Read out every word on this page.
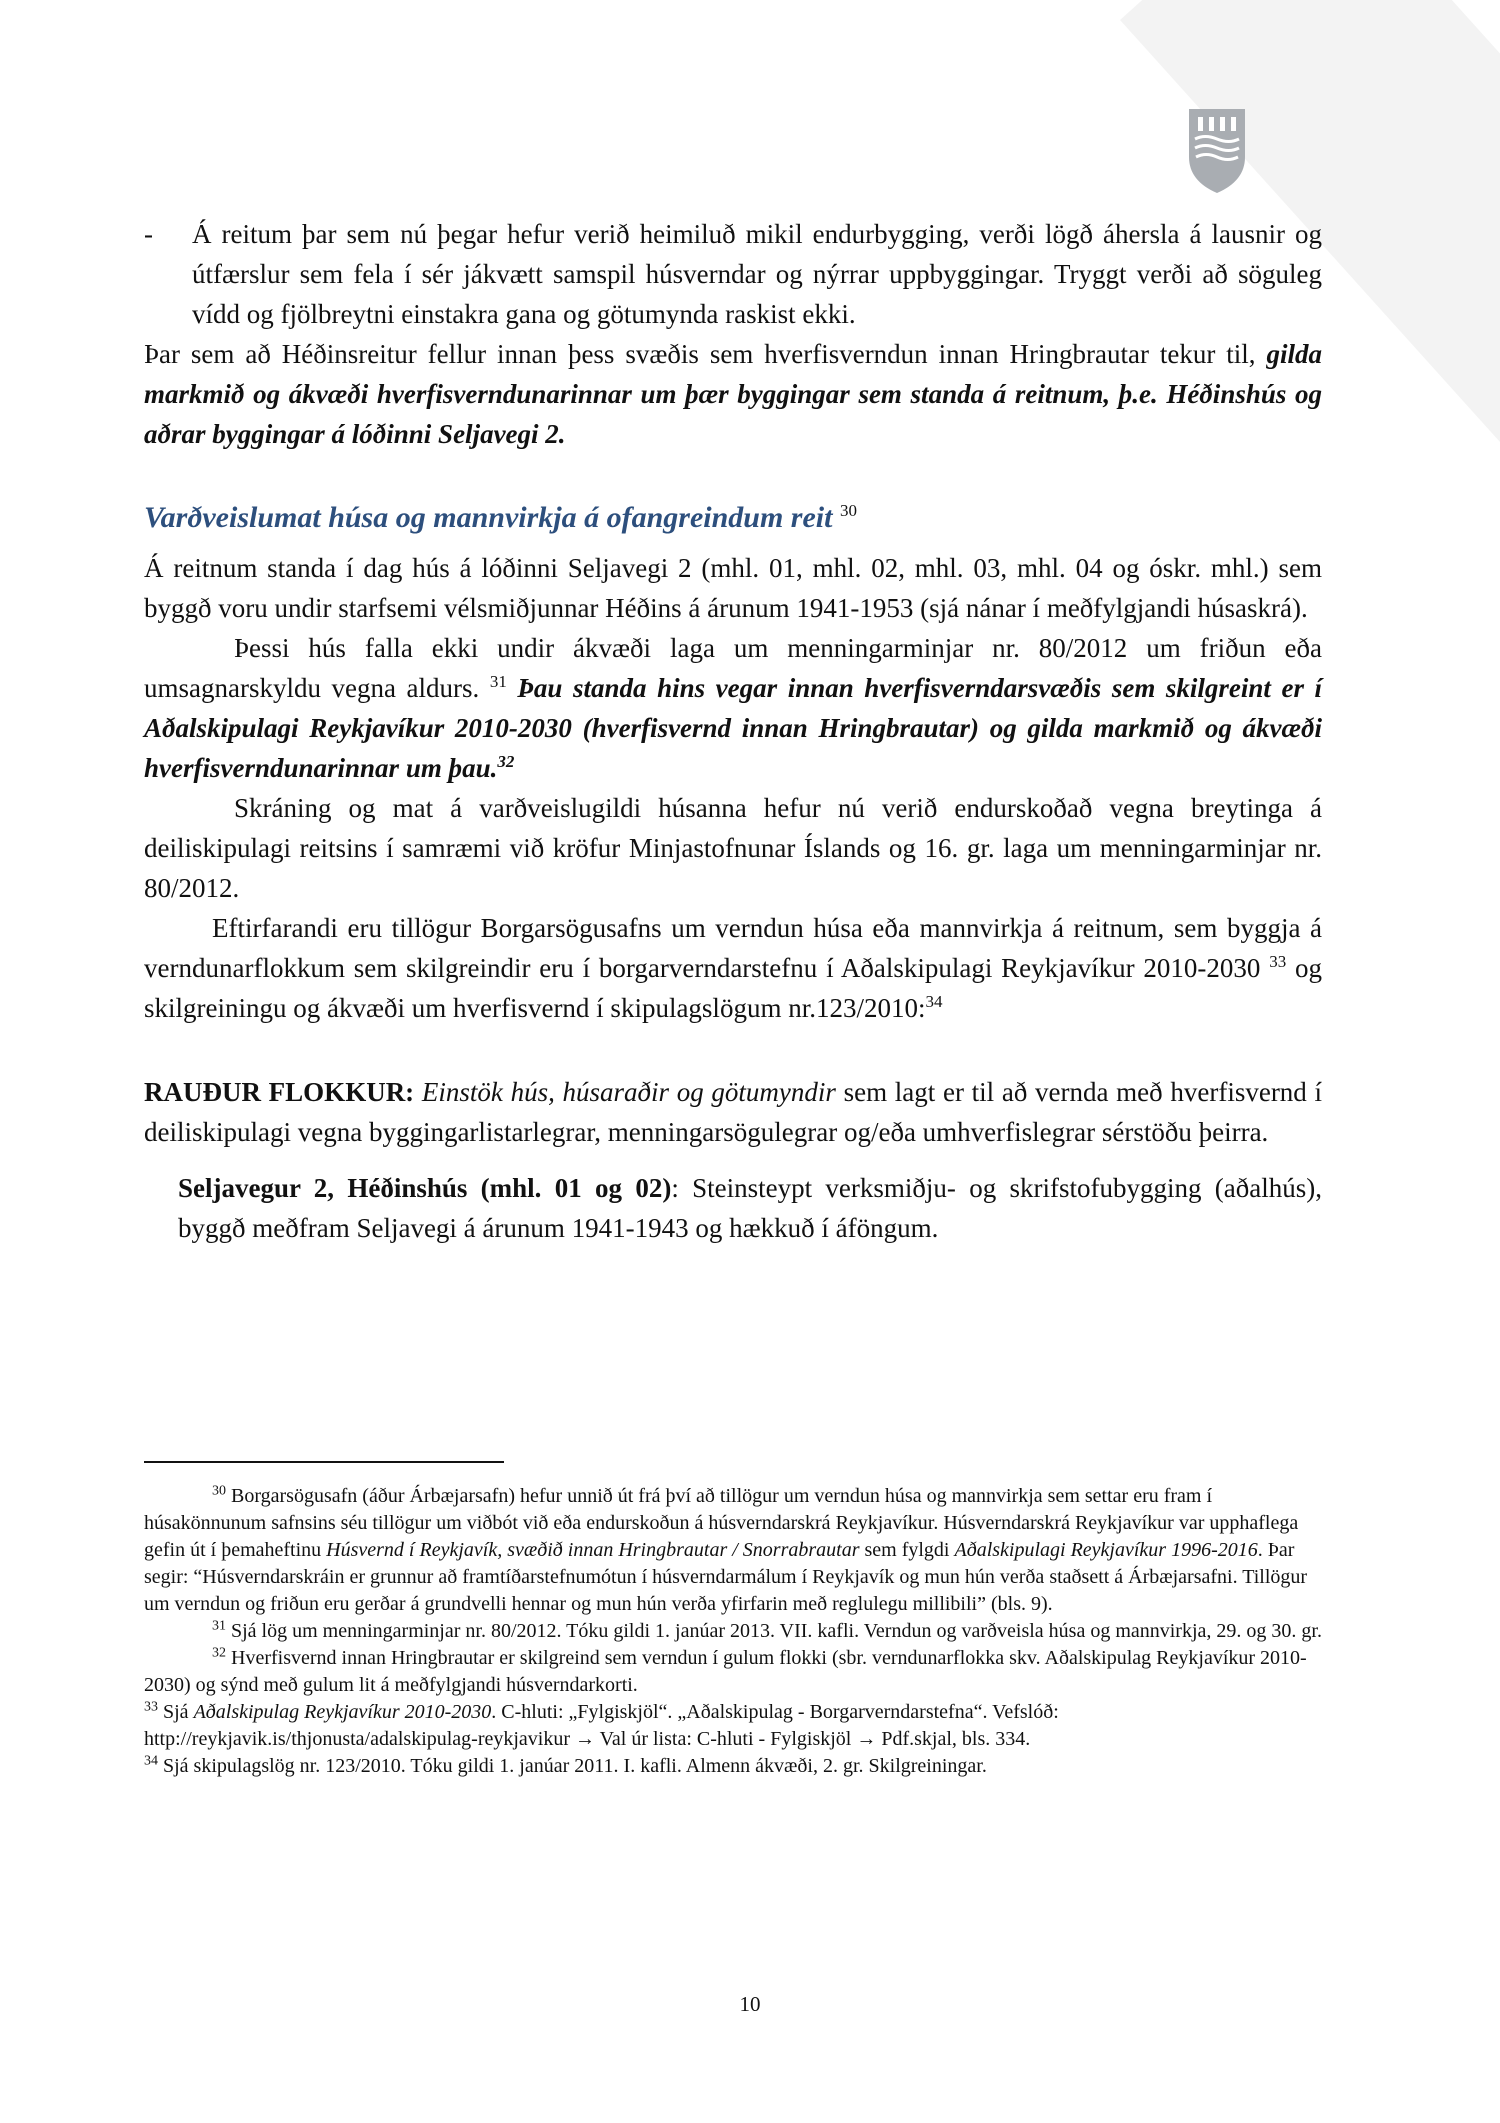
-	Á reitum þar sem nú þegar hefur verið heimiluð mikil endurbygging, verði lögð áhersla á lausnir og útfærslur sem fela í sér jákvætt samspil húsverndar og nýrrar uppbyggingar. Tryggt verði að söguleg vídd og fjölbreytni einstakra gana og götumynda raskist ekki.

Þar sem að Héðinsreitur fellur innan þess svæðis sem hverfisverndun innan Hringbrautar tekur til, gilda markmið og ákvæði hverfisverndunarinnar um þær byggingar sem standa á reitnum, þ.e. Héðinshús og aðrar byggingar á lóðinni Seljavegi 2.

Varðveislumat húsa og mannvirkja á ofangreindum reit $^{30}$

Á reitnum standa í dag hús á lóðinni Seljavegi 2 (mhl. 01, mhl. 02, mhl. 03, mhl. 04 og óskr. mhl.) sem byggð voru undir starfsemi vélsmiðjunnar Héðins á árunum 1941-1953 (sjá nánar í meðfylgjandi húsaskrá).

Þessi hús falla ekki undir ákvæði laga um menningarminjar nr. 80/2012 um friðun eða umsagnarskyldu vegna aldurs. $^{31}$ Þau standa hins vegar innan hverfisverndarsvæðis sem skilgreint er í Aðalskipulagi Reykjavíkur 2010-2030 (hverfisvernd innan Hringbrautar) og gilda markmið og ákvæði hverfisverndunarinnar um þau.$^{32}$

Skráning og mat á varðveislugildi húsanna hefur nú verið endurskoðað vegna breytinga á deiliskipulagi reitsins í samræmi við kröfur Minjastofnunar Íslands og 16. gr. laga um menningarminjar nr. 80/2012.

Eftirfarandi eru tillögur Borgarsögusafns um verndun húsa eða mannvirkja á reitnum, sem byggja á verndunarflokkum sem skilgreindir eru í borgarverndarstefnu í Aðalskipulagi Reykjavíkur 2010-2030 $^{33}$ og skilgreiningu og ákvæði um hverfisvernd í skipulagslögum nr.123/2010:$^{34}$

RAUÐUR FLOKKUR: Einstök hús, húsaraðir og götumyndir sem lagt er til að vernda með hverfisvernd í deiliskipulagi vegna byggingarlistarlegrar, menningarsögulegrar og/eða umhverfislegrar sérstöðu þeirra.

Seljavegur 2, Héðinshús (mhl. 01 og 02): Steinsteypt verksmiðju- og skrifstofubygging (aðalhús), byggð meðfram Seljavegi á árunum 1941-1943 og hækkuð í áföngum.

$^{30}$ Borgarsögusafn (áður Árbæjarsafn) hefur unnið út frá því að tillögur um verndun húsa og mannvirkja sem settar eru fram í húsakönnunum safnsins séu tillögur um viðbót við eða endurskoðun á húsverndarskrá Reykjavíkur. Húsverndarskrá Reykjavíkur var upphaflega gefin út í þemaheftinu Húsvernd í Reykjavík, svæðið innan Hringbrautar / Snorrabrautar sem fylgdi Aðalskipulagi Reykjavíkur 1996-2016. Þar segir: “Húsverndarskráin er grunnur að framtíðarstefnumótun í húsverndarmálum í Reykjavík og mun hún verða staðsett á Árbæjarsafni. Tillögur um verndun og friðun eru gerðar á grundvelli hennar og mun hún verða yfirfarin með reglulegu millibili” (bls. 9).

$^{31}$ Sjá lög um menningarminjar nr. 80/2012. Tóku gildi 1. janúar 2013. VII. kafli. Verndun og varðveisla húsa og mannvirkja, 29. og 30. gr.

$^{32}$ Hverfisvernd innan Hringbrautar er skilgreind sem verndun í gulum flokki (sbr. verndunarflokka skv. Aðalskipulag Reykjavíkur 2010-2030) og sýnd með gulum lit á meðfylgjandi húsverndarkorti.

$^{33}$ Sjá Aðalskipulag Reykjavíkur 2010-2030. C-hluti: „Fylgiskjöl“. „Aðalskipulag - Borgarverndarstefna“. Vefslóð: http://reykjavik.is/thjonusta/adalskipulag-reykjavikur → Val úr lista: C-hluti - Fylgiskjöl → Pdf.skjal, bls. 334.

$^{34}$ Sjá skipulagslög nr. 123/2010. Tóku gildi 1. janúar 2011. I. kafli. Almenn ákvæði, 2. gr. Skilgreiningar.

10
